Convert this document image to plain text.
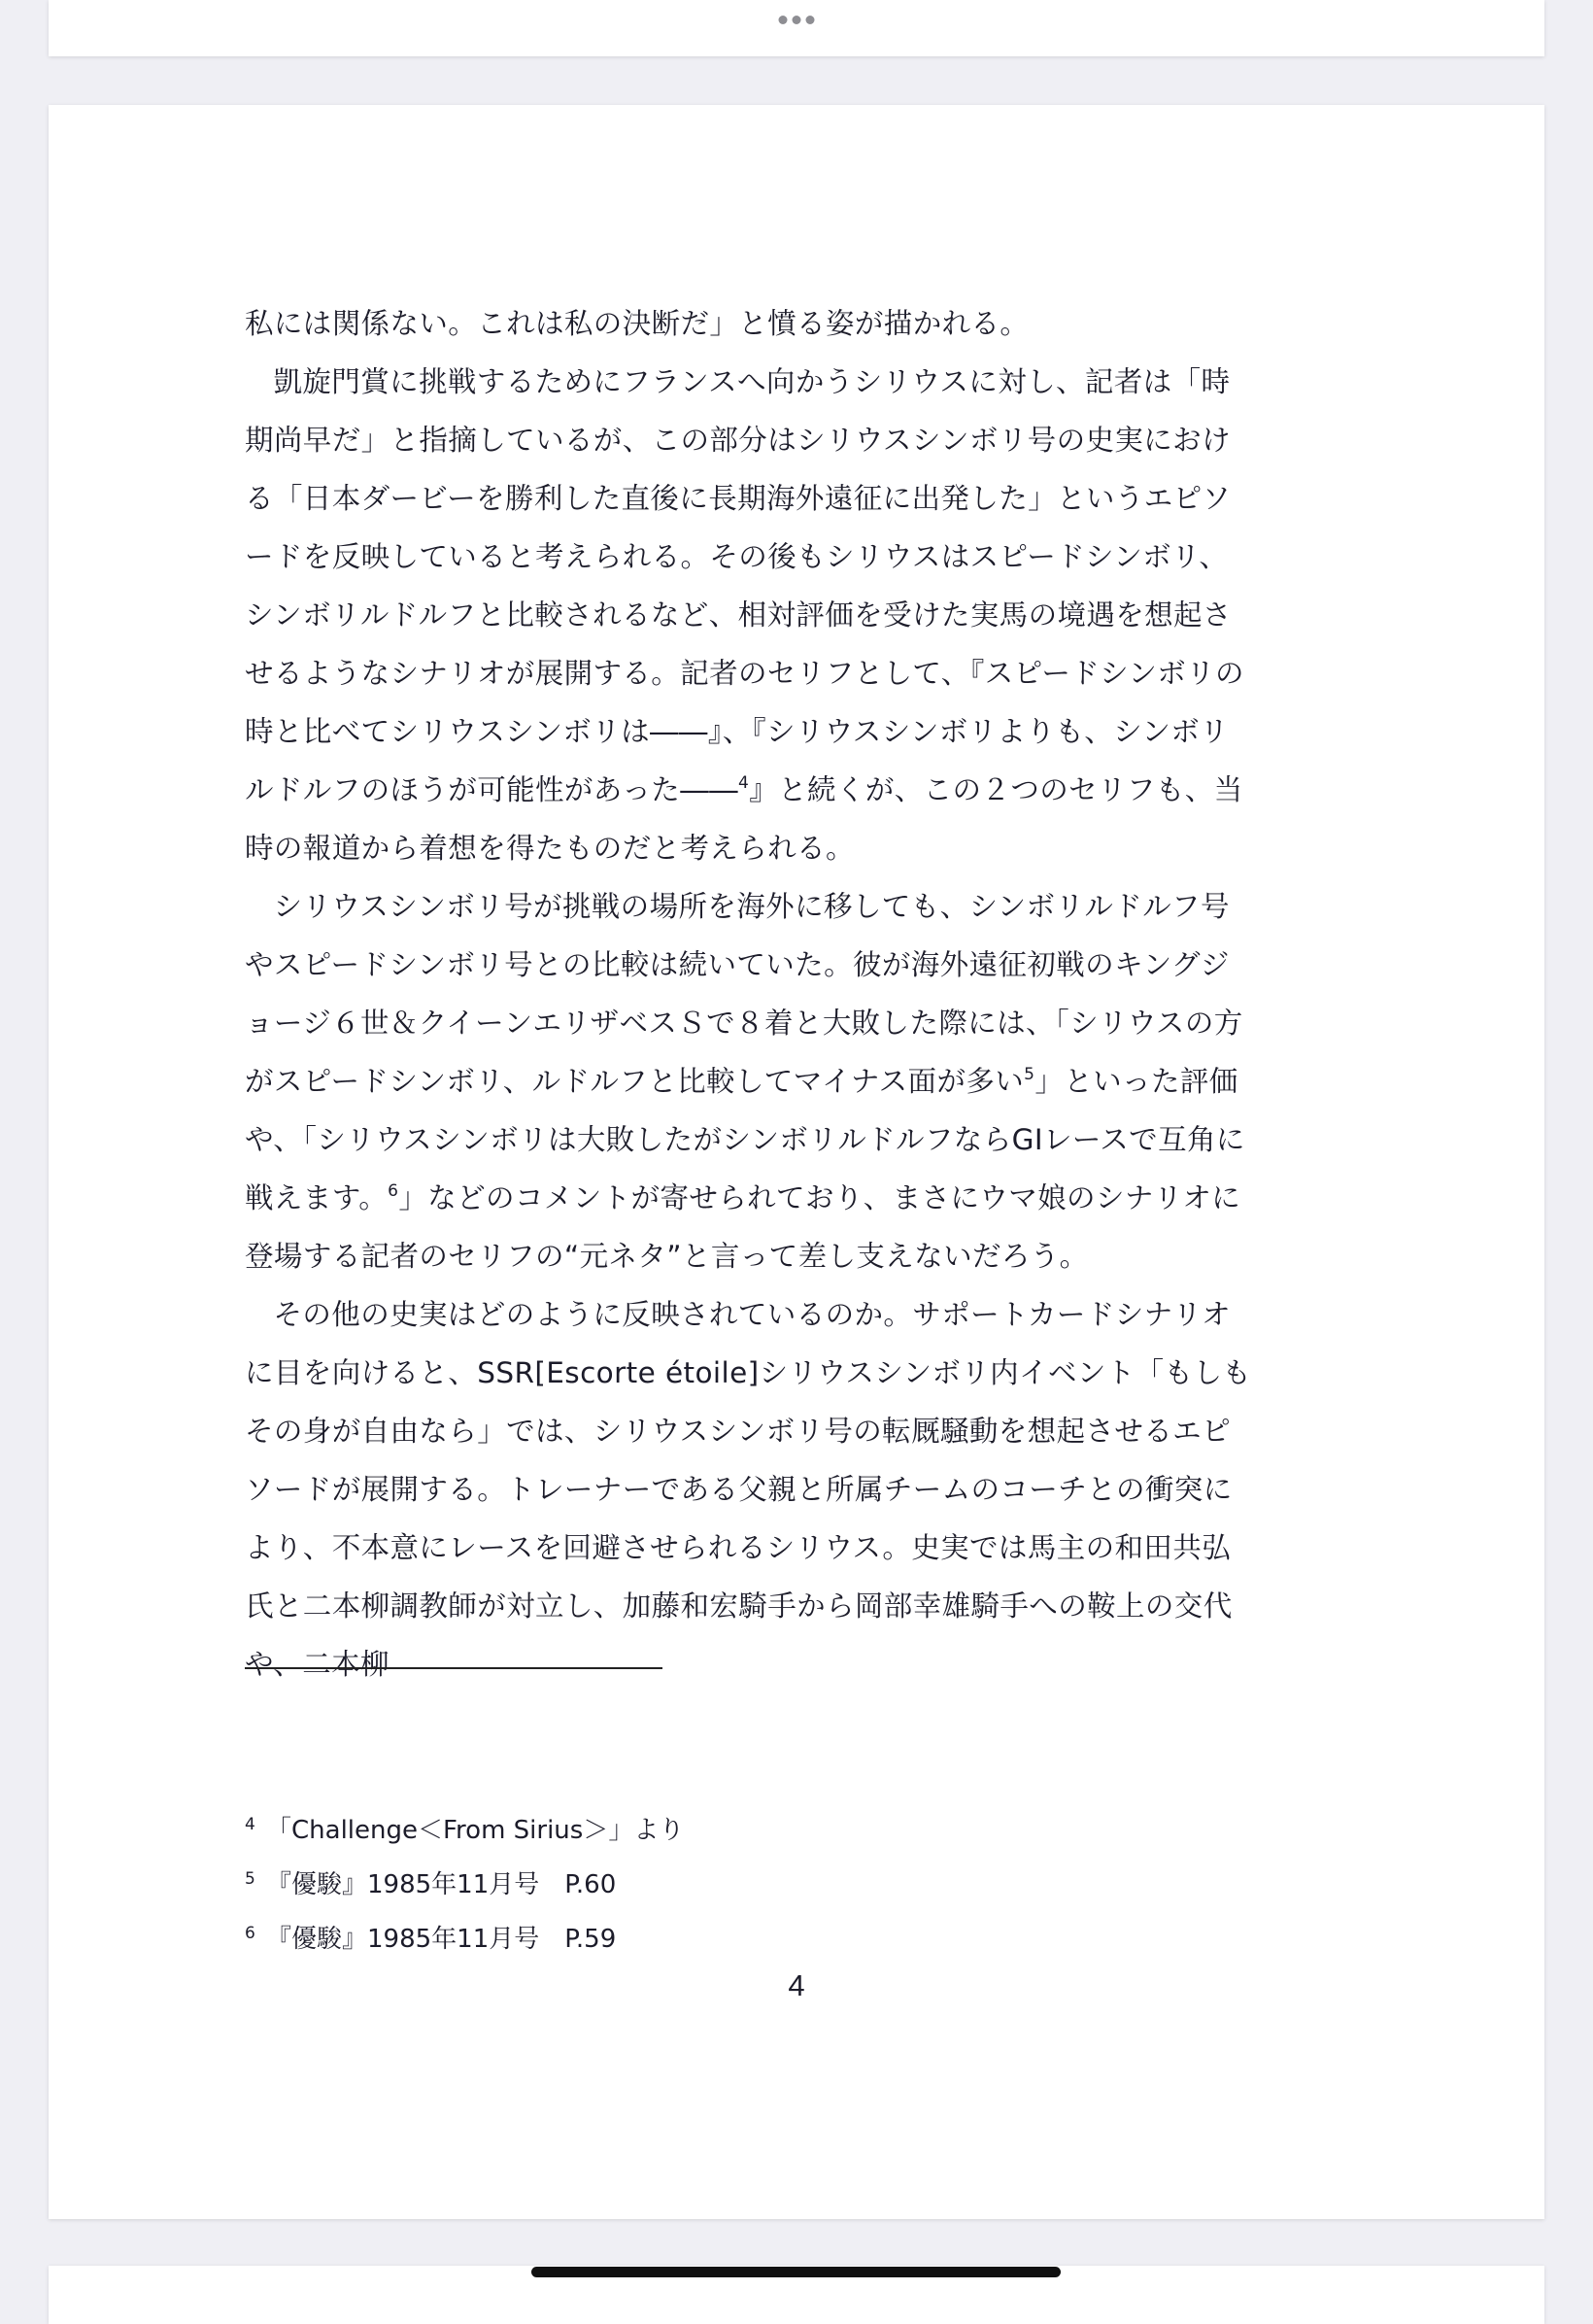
私には関係ない。これは私の決断だ」と憤る姿が描かれる。

凱旋門賞に挑戦するためにフランスへ向かうシリウスに対し、記者は「時期尚早だ」と指摘しているが、この部分はシリウスシンボリ号の史実における「日本ダービーを勝利した直後に長期海外遠征に出発した」というエピソードを反映していると考えられる。その後もシリウスはスピードシンボリ、シンボリルドルフと比較されるなど、相対評価を受けた実馬の境遇を想起させるようなシナリオが展開する。記者のセリフとして、『スピードシンボリの時と比べてシリウスシンボリは――』、『シリウスシンボリよりも、シンボリルドルフのほうが可能性があった――$^4$』と続くが、この２つのセリフも、当時の報道から着想を得たものだと考えられる。

シリウスシンボリ号が挑戦の場所を海外に移しても、シンボリルドルフ号やスピードシンボリ号との比較は続いていた。彼が海外遠征初戦のキングジョージ６世＆クイーンエリザベスＳで８着と大敗した際には、「シリウスの方がスピードシンボリ、ルドルフと比較してマイナス面が多い$^5$」といった評価や、「シリウスシンボリは大敗したがシンボリルドルフならGIレースで互角に戦えます。$^6$」などのコメントが寄せられており、まさにウマ娘のシナリオに登場する記者のセリフの“元ネタ”と言って差し支えないだろう。

その他の史実はどのように反映されているのか。サポートカードシナリオに目を向けると、SSR[Escorte étoile]シリウスシンボリ内イベント「もしもその身が自由なら」では、シリウスシンボリ号の転厩騒動を想起させるエピソードが展開する。トレーナーである父親と所属チームのコーチとの衝突により、不本意にレースを回避させられるシリウス。史実では馬主の和田共弘氏と二本柳調教師が対立し、加藤和宏騎手から岡部幸雄騎手への鞍上の交代や、二本柳

4 「Challenge＜From Sirius＞」より
5 『優駿』1985年11月号　P.60
6 『優駿』1985年11月号　P.59
4
